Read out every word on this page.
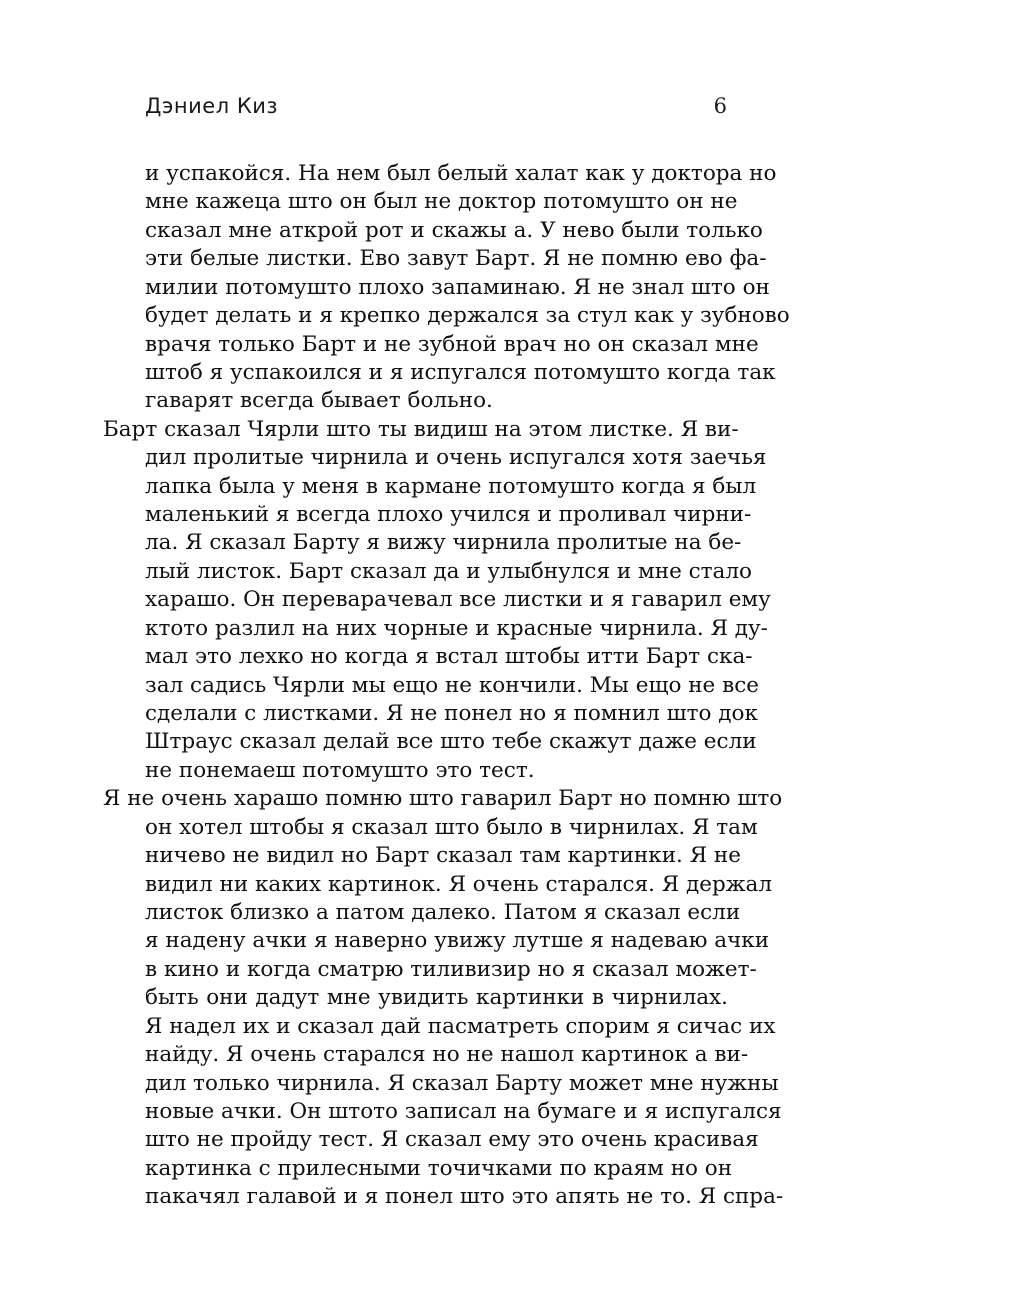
Дэниел Киз	6
и успакойся. На нем был белый халат как у доктора но
мне кажеца што он был не доктор потомушто он не
сказал мне аткрой рот и скажы а. У нево были только
эти белые листки. Ево завут Барт. Я не помню ево фа-
милии потомушто плохо запаминаю. Я не знал што он
будет делать и я крепко держался за стул как у зубново
врачя только Барт и не зубной врач но он сказал мне
штоб я успакоился и я испугался потомушто когда так
гаварят всегда бывает больно.
Барт сказал Чярли што ты видиш на этом листке. Я ви-
дил пролитые чирнила и очень испугался хотя заечья
лапка была у меня в кармане потомушто когда я был
маленький я всегда плохо учился и проливал чирни-
ла. Я сказал Барту я вижу чирнила пролитые на бе-
лый листок. Барт сказал да и улыбнулся и мне стало
харашо. Он переварачевал все листки и я гаварил ему
ктото разлил на них чорные и красные чирнила. Я ду-
мал это лехко но когда я встал штобы итти Барт ска-
зал садись Чярли мы ещо не кончили. Мы ещо не все
сделали с листками. Я не понел но я помнил што док
Штраус сказал делай все што тебе скажут даже если
не понемаеш потомушто это тест.
Я не очень харашо помню што гаварил Барт но помню што
он хотел штобы я сказал што было в чирнилах. Я там
ничево не видил но Барт сказал там картинки. Я не
видил ни каких картинок. Я очень старался. Я держал
листок близко а патом далеко. Патом я сказал если
я надену ачки я наверно увижу лутше я надеваю ачки
в кино и когда сматрю тиливизир но я сказал может-
быть они дадут мне увидить картинки в чирнилах.
Я надел их и сказал дай пасматреть спорим я сичас их
найду. Я очень старался но не нашол картинок а ви-
дил только чирнила. Я сказал Барту может мне нужны
новые ачки. Он штото записал на бумаге и я испугался
што не пройду тест. Я сказал ему это очень красивая
картинка с прилесными точичками по краям но он
пакачял галавой и я понел што это апять не то. Я спра-
